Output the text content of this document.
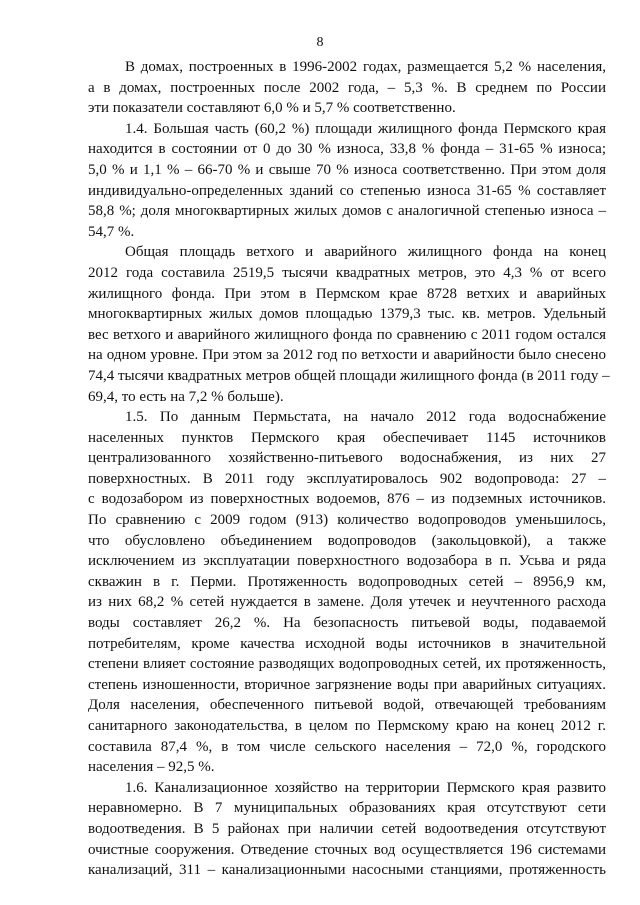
8
В домах, построенных в 1996-2002 годах, размещается 5,2 % населения,
а в домах, построенных после 2002 года, – 5,3 %. В среднем по России
эти показатели составляют 6,0 % и 5,7 % соответственно.
1.4. Большая часть (60,2 %) площади жилищного фонда Пермского края
находится в состоянии от 0 до 30 % износа, 33,8 % фонда – 31-65 % износа;
5,0 % и 1,1 % – 66-70 % и свыше 70 % износа соответственно. При этом доля
индивидуально-определенных зданий со степенью износа 31-65 % составляет
58,8 %; доля многоквартирных жилых домов с аналогичной степенью износа –
54,7 %.
Общая площадь ветхого и аварийного жилищного фонда на конец
2012 года составила 2519,5 тысячи квадратных метров, это 4,3 % от всего
жилищного фонда. При этом в Пермском крае 8728 ветхих и аварийных
многоквартирных жилых домов площадью 1379,3 тыс. кв. метров. Удельный
вес ветхого и аварийного жилищного фонда по сравнению с 2011 годом остался
на одном уровне. При этом за 2012 год по ветхости и аварийности было снесено
74,4 тысячи квадратных метров общей площади жилищного фонда (в 2011 году –
69,4, то есть на 7,2 % больше).
1.5. По данным Пермьстата, на начало 2012 года водоснабжение
населенных пунктов Пермского края обеспечивает 1145 источников
централизованного хозяйственно-питьевого водоснабжения, из них 27
поверхностных. В 2011 году эксплуатировалось 902 водопровода: 27 –
с водозабором из поверхностных водоемов, 876 – из подземных источников.
По сравнению с 2009 годом (913) количество водопроводов уменьшилось,
что обусловлено объединением водопроводов (закольцовкой), а также
исключением из эксплуатации поверхностного водозабора в п. Усьва и ряда
скважин в г. Перми. Протяженность водопроводных сетей – 8956,9 км,
из них 68,2 % сетей нуждается в замене. Доля утечек и неучтенного расхода
воды составляет 26,2 %. На безопасность питьевой воды, подаваемой
потребителям, кроме качества исходной воды источников в значительной
степени влияет состояние разводящих водопроводных сетей, их протяженность,
степень изношенности, вторичное загрязнение воды при аварийных ситуациях.
Доля населения, обеспеченного питьевой водой, отвечающей требованиям
санитарного законодательства, в целом по Пермскому краю на конец 2012 г.
составила 87,4 %, в том числе сельского населения – 72,0 %, городского
населения – 92,5 %.
1.6. Канализационное хозяйство на территории Пермского края развито
неравномерно. В 7 муниципальных образованиях края отсутствуют сети
водоотведения. В 5 районах при наличии сетей водоотведения отсутствуют
очистные сооружения. Отведение сточных вод осуществляется 196 системами
канализаций, 311 – канализационными насосными станциями, протяженность
